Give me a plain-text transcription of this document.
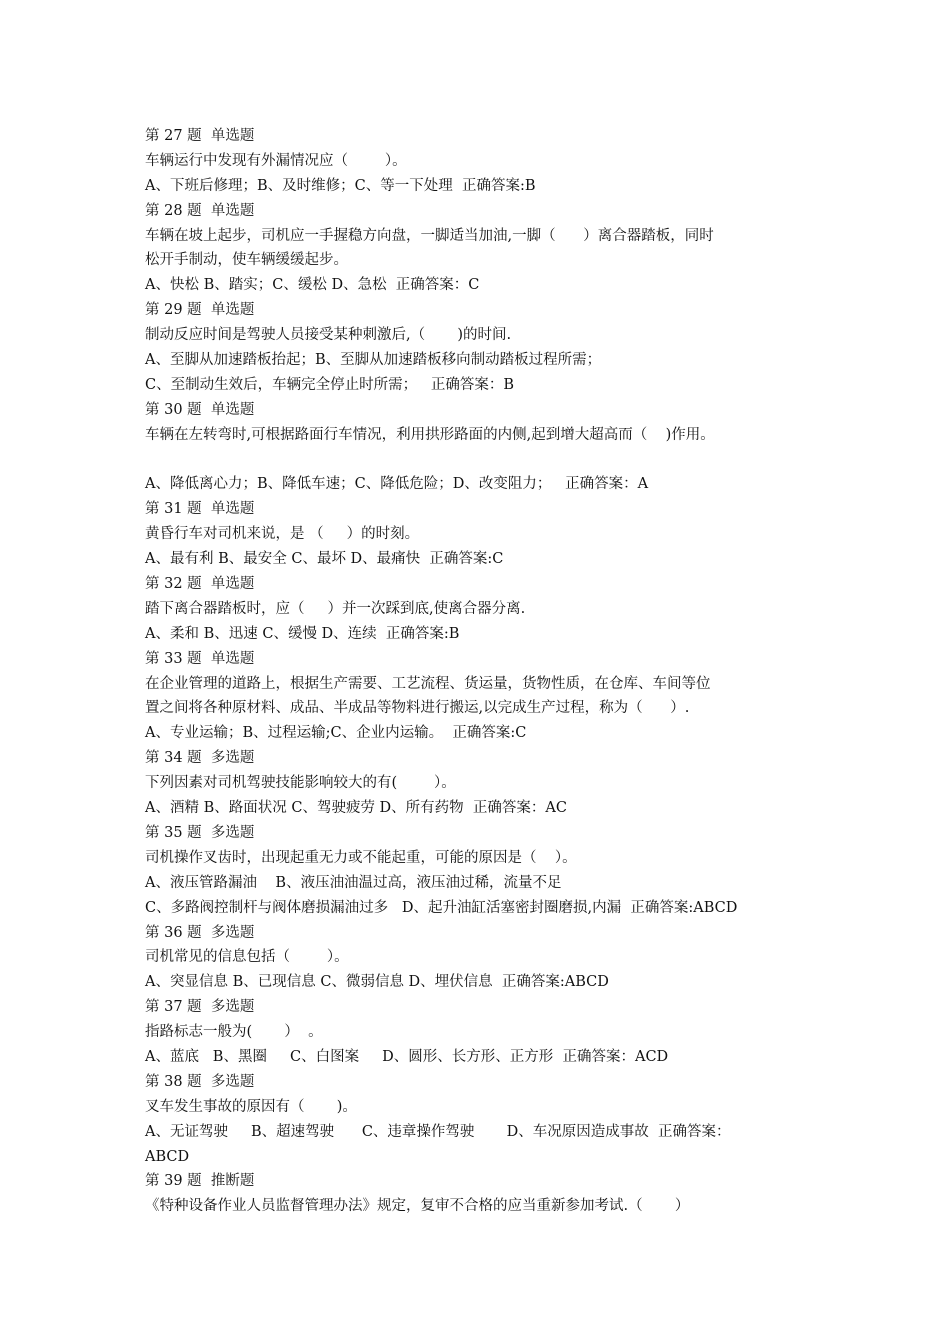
第 27 题  单选题
车辆运行中发现有外漏情况应（        ）。
A、下班后修理；B、及时维修；C、等一下处理  正确答案:B
第 28 题  单选题
车辆在坡上起步，司机应一手握稳方向盘，一脚适当加油,一脚（      ）离合器踏板，同时
松开手制动，使车辆缓缓起步。
A、快松 B、踏实；C、缓松 D、急松  正确答案：C
第 29 题  单选题
制动反应时间是驾驶人员接受某种刺激后,（       )的时间.
A、至脚从加速踏板抬起；B、至脚从加速踏板移向制动踏板过程所需；
C、至制动生效后，车辆完全停止时所需；   正确答案：B
第 30 题  单选题
车辆在左转弯时,可根据路面行车情况，利用拱形路面的内侧,起到增大超高而（    )作用。
A、降低离心力；B、降低车速；C、降低危险；D、改变阻力；   正确答案：A
第 31 题  单选题
黄昏行车对司机来说，是 （     ）的时刻。
A、最有利 B、最安全 C、最坏 D、最痛快  正确答案:C
第 32 题  单选题
踏下离合器踏板时，应（     ）并一次踩到底,使离合器分离.
A、柔和 B、迅速 C、缓慢 D、连续  正确答案:B
第 33 题  单选题
在企业管理的道路上，根据生产需要、工艺流程、货运量，货物性质，在仓库、车间等位
置之间将各种原材料、成品、半成品等物料进行搬运,以完成生产过程，称为（      ）.
A、专业运输；B、过程运输;C、企业内运输。  正确答案:C
第 34 题  多选题
下列因素对司机驾驶技能影响较大的有(        ）。
A、酒精 B、路面状况 C、驾驶疲劳 D、所有药物  正确答案：AC
第 35 题  多选题
司机操作叉齿时，出现起重无力或不能起重，可能的原因是（    ）。
A、液压管路漏油    B、液压油油温过高，液压油过稀，流量不足
C、多路阀控制杆与阀体磨损漏油过多   D、起升油缸活塞密封圈磨损,内漏  正确答案:ABCD
第 36 题  多选题
司机常见的信息包括（        ）。
A、突显信息 B、已现信息 C、微弱信息 D、埋伏信息  正确答案:ABCD
第 37 题  多选题
指路标志一般为(       ）  。
A、蓝底   B、黑圈     C、白图案     D、圆形、长方形、正方形  正确答案：ACD
第 38 题  多选题
叉车发生事故的原因有（       )。
A、无证驾驶     B、超速驾驶      C、违章操作驾驶       D、车况原因造成事故  正确答案：
ABCD
第 39 题  推断题
《特种设备作业人员监督管理办法》规定，复审不合格的应当重新参加考试.（       ）
